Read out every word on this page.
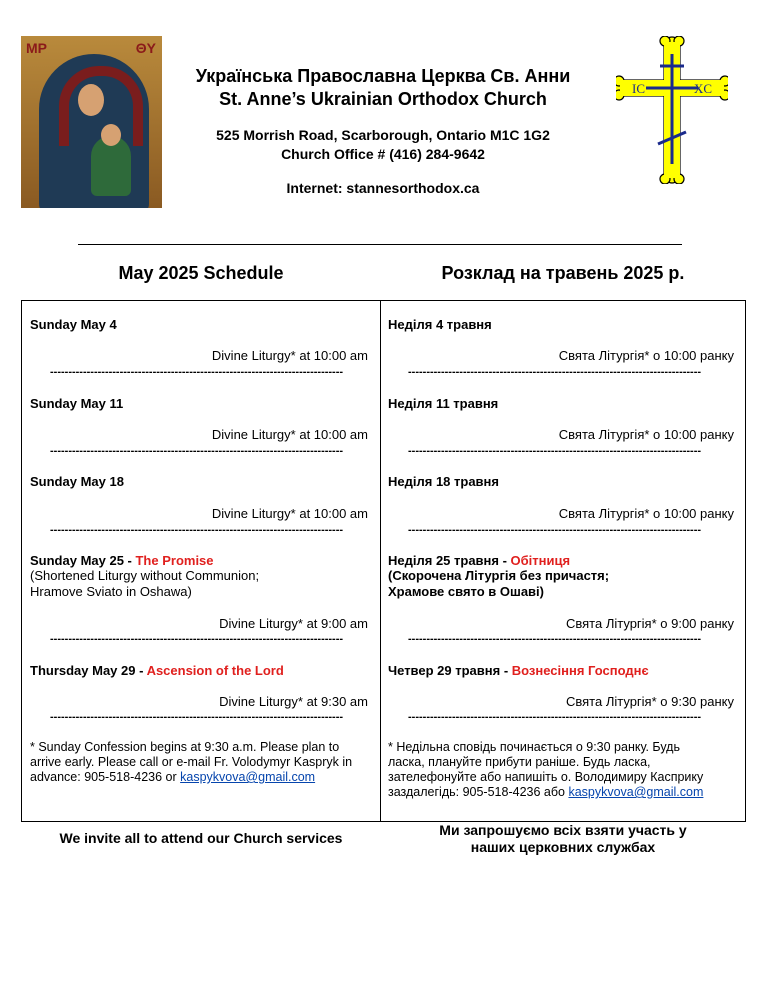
MP	ΘY
Українська Православна Церква Св. Анни
St. Anne’s Ukrainian Orthodox Church
525 Morrish Road, Scarborough, Ontario M1C 1G2
Church Office # (416) 284-9642
Internet: stannesorthodox.ca
IC	XC
May 2025 Schedule	Розклад на травень 2025 р.
Sunday May 4
Divine Liturgy* at 10:00 am
--------------------------------------------------------------------------------
Sunday May 11
Divine Liturgy* at 10:00 am
--------------------------------------------------------------------------------
Sunday May 18
Divine Liturgy* at 10:00 am
--------------------------------------------------------------------------------
Sunday May 25 - The Promise
(Shortened Liturgy without Communion;
Hramove Sviato in Oshawa)
Divine Liturgy* at 9:00 am
--------------------------------------------------------------------------------
Thursday May 29 - Ascension of the Lord
Divine Liturgy* at 9:30 am
--------------------------------------------------------------------------------
* Sunday Confession begins at 9:30 a.m. Please plan to
arrive early. Please call or e-mail Fr. Volodymyr Kaspryk in
advance: 905-518-4236 or kaspykvova@gmail.com
Неділя 4 травня
Свята Літургія* о 10:00 ранку
--------------------------------------------------------------------------------
Неділя 11 травня
Свята Літургія* о 10:00 ранку
--------------------------------------------------------------------------------
Неділя 18 травня
Свята Літургія* о 10:00 ранку
--------------------------------------------------------------------------------
Неділя 25 травня - Обітниця
(Скорочена Літургія без причастя;
Храмове свято в Ошаві)
Свята Літургія* о 9:00 ранку
--------------------------------------------------------------------------------
Четвер 29 травня - Вознесіння Господнє
Свята Літургія* о 9:30 ранку
--------------------------------------------------------------------------------
* Недільна сповідь починається о 9:30 ранку. Будь
ласка, плануйте прибути раніше. Будь ласка,
зателефонуйте або напишіть о. Володимиру Касприку
заздалегідь: 905-518-4236 або kaspykvova@gmail.com
We invite all to attend our Church services	Ми запрошуємо всіх взяти участь у
наших церковних службах
